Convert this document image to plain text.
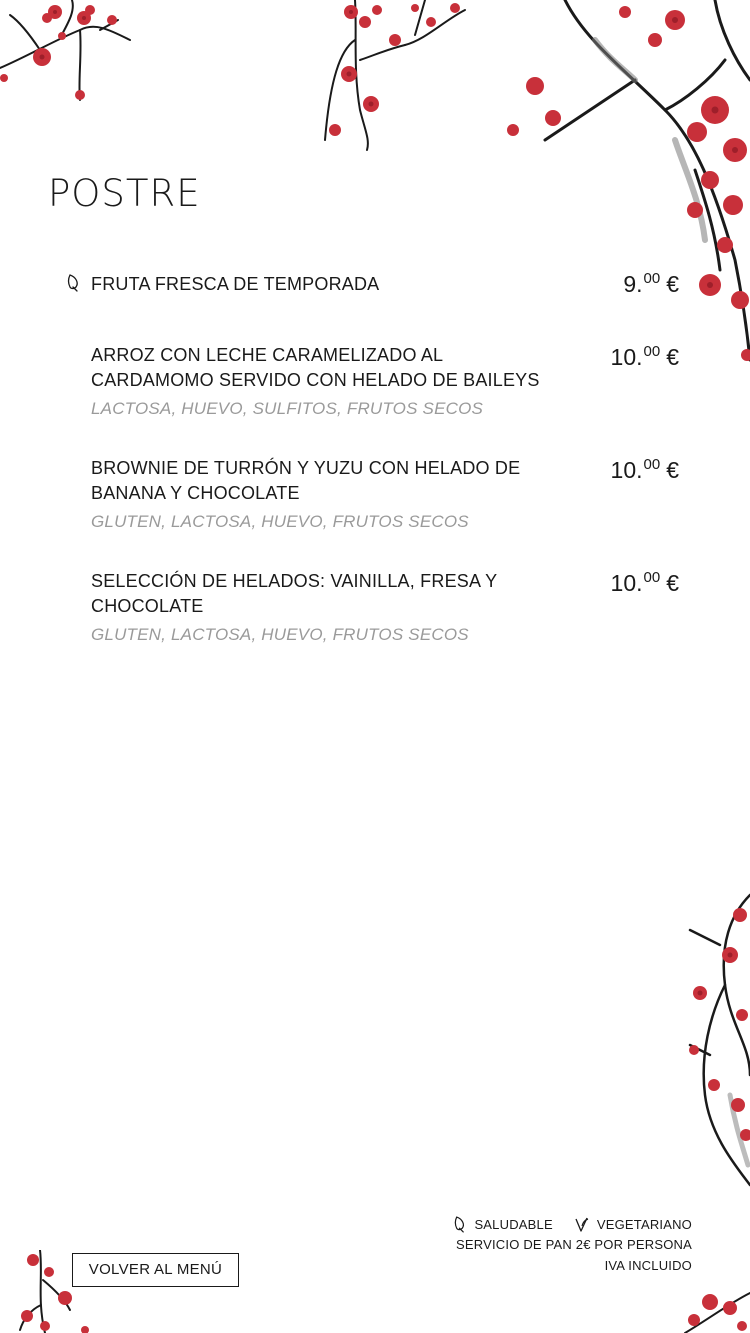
POSTRE
FRUTA FRESCA DE TEMPORADA	9.00 €
ARROZ CON LECHE CARAMELIZADO AL CARDAMOMO SERVIDO CON HELADO DE BAILEYS
LACTOSA, HUEVO, SULFITOS, FRUTOS SECOS
10.00 €
BROWNIE DE TURRÓN Y YUZU CON HELADO DE BANANA Y CHOCOLATE
GLUTEN, LACTOSA, HUEVO, FRUTOS SECOS
10.00 €
SELECCIÓN DE HELADOS: VAINILLA, FRESA Y CHOCOLATE
GLUTEN, LACTOSA, HUEVO, FRUTOS SECOS
10.00 €
VOLVER AL MENÚ
SALUDABLE	VEGETARIANO
SERVICIO DE PAN 2€ POR PERSONA
IVA INCLUIDO
